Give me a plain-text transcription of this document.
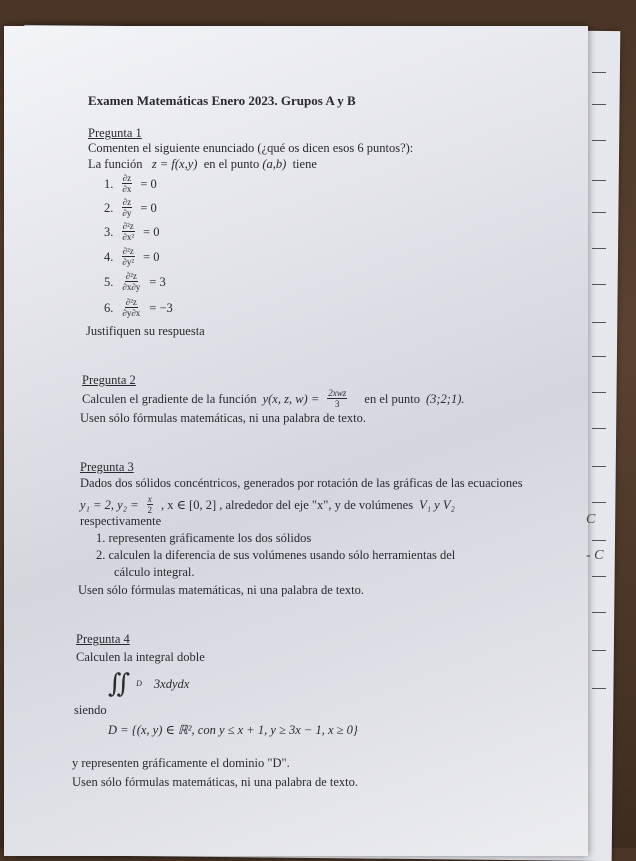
C
- C
Examen Matemáticas Enero 2023. Grupos A y B
Pregunta 1
Comenten el siguiente enunciado (¿qué os dicen esos 6 puntos?):
La función z = f(x,y) en el punto (a,b) tiene
1. $\frac{\partial z}{\partial x} = 0$
2. $\frac{\partial z}{\partial y} = 0$
3. $\frac{\text{∂²z}}{\text{∂x²}} = 0$
4. $\frac{\text{∂²z}}{\text{∂y²}} = 0$
5. $\frac{\text{∂²z}}{\partial x\partial y} = 3$
6. $\frac{\text{∂²z}}{\partial y\partial x} = -3$
Justifiquen su respuesta
Pregunta 2
Calculen el gradiente de la función y(x, z, $w) = \frac{\text{2xwz}}{3}$
en el punto (3;2;1).
Usen sólo fórmulas matemáticas, ni una palabra de texto.
Pregunta 3
Dados dos sólidos concéntricos, generados por rotación de las gráficas de las ecuaciones
y₁ = 2, $y_2 = \frac{x}{2}$ , x ∈ [0, 2] , alrededor del eje "x", y de volúmenes V₁ y V₂
respectivamente
1. representen gráficamente los dos sólidos
2. calculen la diferencia de sus volúmenes usando sólo herramientas del
cálculo integral.
Usen sólo fórmulas matemáticas, ni una palabra de texto.
Pregunta 4
Calculen la integral doble
∬ D 3xdydx
siendo
D = {(x, y) ∈ ℝ², con y ≤ x + 1, y ≥ 3x − 1, x ≥ 0}
y representen gráficamente el dominio "D".
Usen sólo fórmulas matemáticas, ni una palabra de texto.
